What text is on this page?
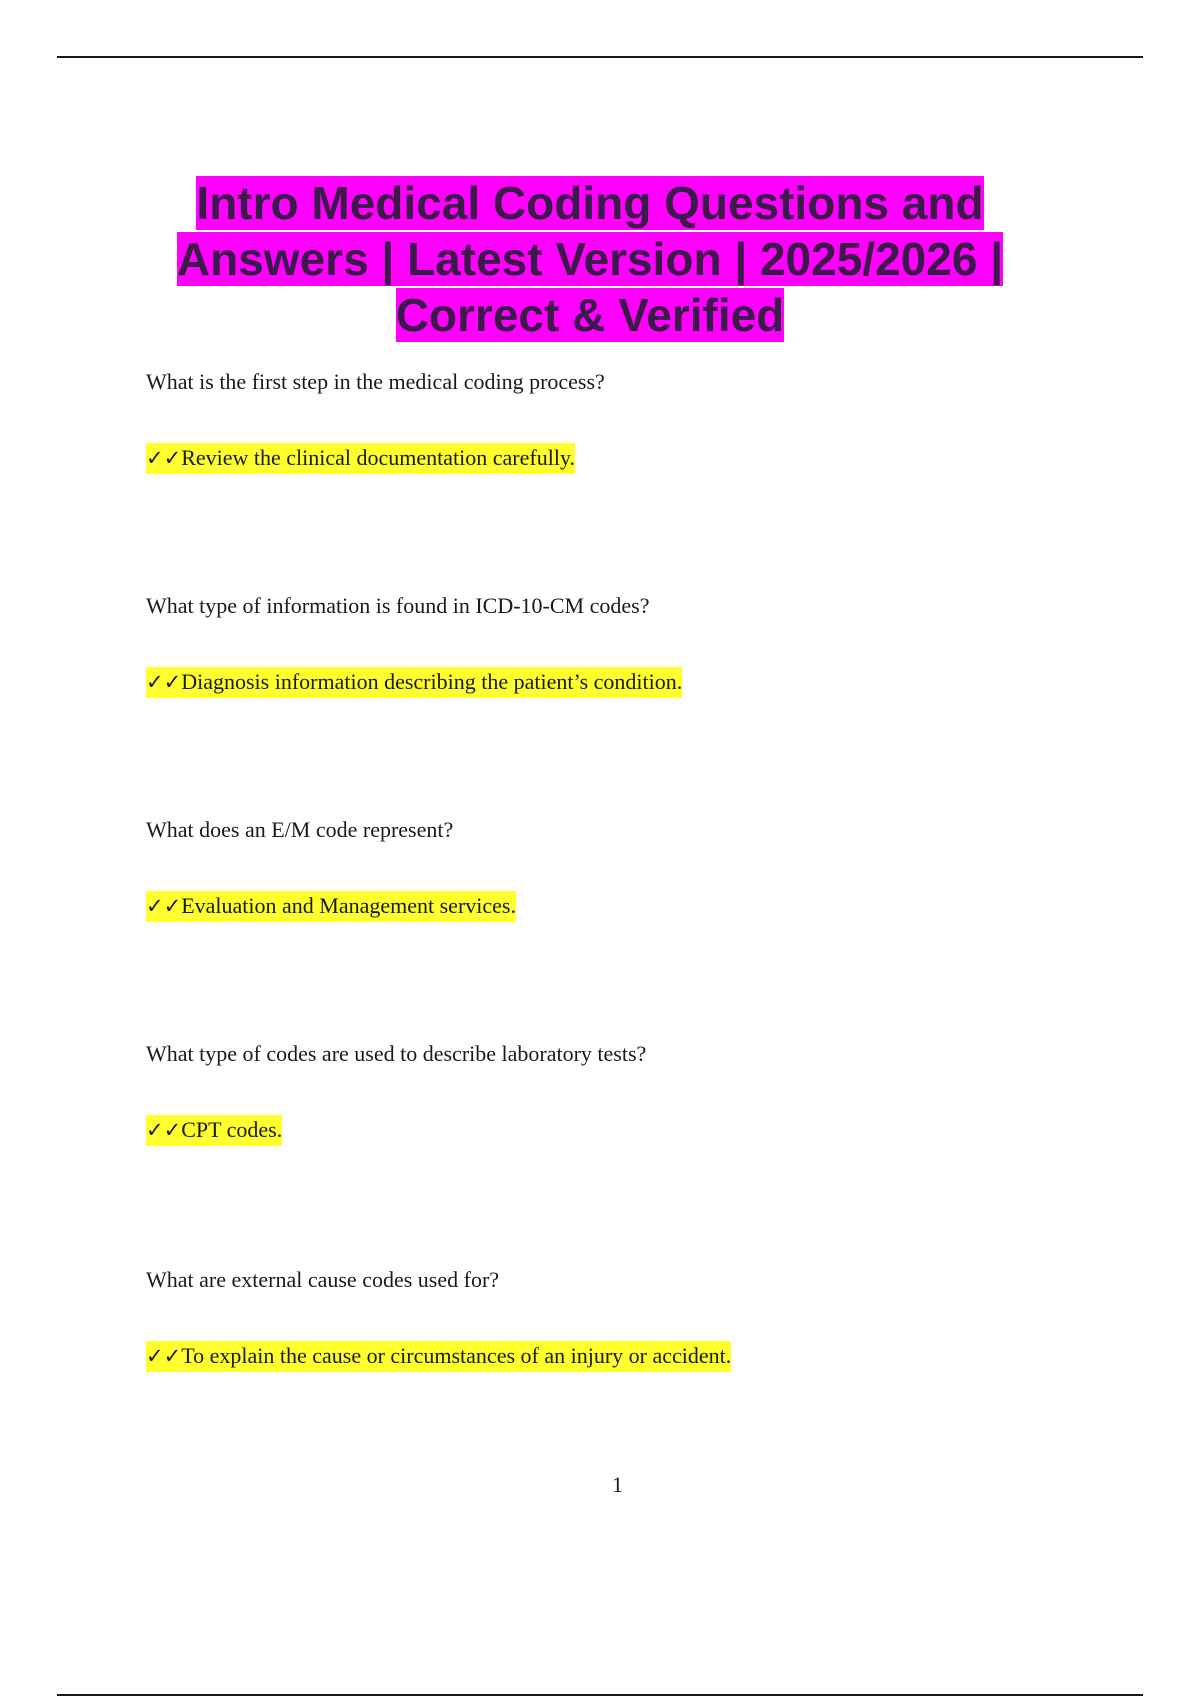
Intro Medical Coding Questions and Answers | Latest Version | 2025/2026 | Correct & Verified

What is the first step in the medical coding process?

✓✓Review the clinical documentation carefully.

What type of information is found in ICD-10-CM codes?

✓✓Diagnosis information describing the patient’s condition.

What does an E/M code represent?

✓✓Evaluation and Management services.

What type of codes are used to describe laboratory tests?

✓✓CPT codes.

What are external cause codes used for?

✓✓To explain the cause or circumstances of an injury or accident.

1
